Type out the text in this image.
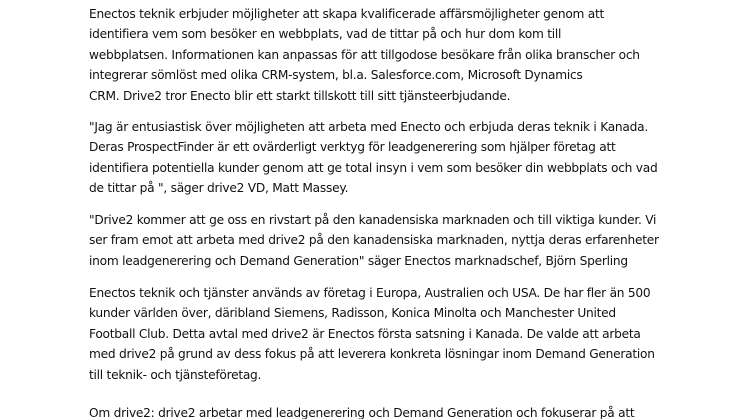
Enectos teknik erbjuder möjligheter att skapa kvalificerade affärsmöjligheter genom att
identifiera vem som besöker en webbplats, vad de tittar på och hur dom kom till
webbplatsen. Informationen kan anpassas för att tillgodose besökare från olika branscher och
integrerar sömlöst med olika CRM-system, bl.a. Salesforce.com, Microsoft Dynamics
CRM. Drive2 tror Enecto blir ett starkt tillskott till sitt tjänsteerbjudande.
"Jag är entusiastisk över möjligheten att arbeta med Enecto och erbjuda deras teknik i Kanada.
Deras ProspectFinder är ett ovärderligt verktyg för leadgenerering som hjälper företag att
identifiera potentiella kunder genom att ge total insyn i vem som besöker din webbplats och vad
de tittar på ", säger drive2 VD, Matt Massey.
"Drive2 kommer att ge oss en rivstart på den kanadensiska marknaden och till viktiga kunder. Vi
ser fram emot att arbeta med drive2 på den kanadensiska marknaden, nyttja deras erfarenheter
inom leadgenerering och Demand Generation" säger Enectos marknadschef, Björn Sperling
Enectos teknik och tjänster används av företag i Europa, Australien och USA. De har fler än 500
kunder världen över, däribland Siemens, Radisson, Konica Minolta och Manchester United
Football Club. Detta avtal med drive2 är Enectos första satsning i Kanada. De valde att arbeta
med drive2 på grund av dess fokus på att leverera konkreta lösningar inom Demand Generation
till teknik- och tjänsteföretag.
Om drive2: drive2 arbetar med leadgenerering och Demand Generation och fokuserar på att
